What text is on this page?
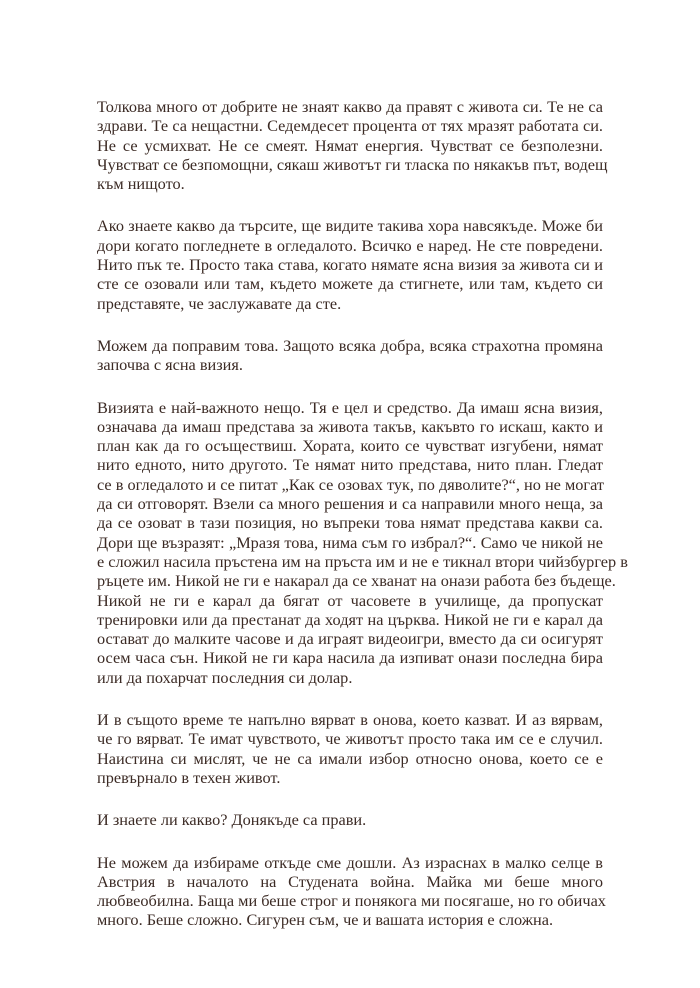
Толкова много от добрите не знаят какво да правят с живота си. Те не са
здрави. Те са нещастни. Седемдесет процента от тях мразят работата си.
Не се усмихват. Не се смеят. Нямат енергия. Чувстват се безполезни.
Чувстват се безпомощни, сякаш животът ги тласка по някакъв път, водещ
към нищото.
Ако знаете какво да търсите, ще видите такива хора навсякъде. Може би
дори когато погледнете в огледалото. Всичко е наред. Не сте повредени.
Нито пък те. Просто така става, когато нямате ясна визия за живота си и
сте се озовали или там, където можете да стигнете, или там, където си
представяте, че заслужавате да сте.
Можем да поправим това. Защото всяка добра, всяка страхотна промяна
започва с ясна визия.
Визията е най-важното нещо. Тя е цел и средство. Да имаш ясна визия,
означава да имаш представа за живота такъв, какъвто го искаш, както и
план как да го осъществиш. Хората, които се чувстват изгубени, нямат
нито едното, нито другото. Те нямат нито представа, нито план. Гледат
се в огледалото и се питат „Как се озовах тук, по дяволите?“, но не могат
да си отговорят. Взели са много решения и са направили много неща, за
да се озоват в тази позиция, но въпреки това нямат представа какви са.
Дори ще възразят: „Мразя това, нима съм го избрал?“. Само че никой не
е сложил насила пръстена им на пръста им и не е тикнал втори чийзбургер в
ръцете им. Никой не ги е накарал да се хванат на онази работа без бъдеще.
Никой не ги е карал да бягат от часовете в училище, да пропускат
тренировки или да престанат да ходят на църква. Никой не ги е карал да
остават до малките часове и да играят видеоигри, вместо да си осигурят
осем часа сън. Никой не ги кара насила да изпиват онази последна бира
или да похарчат последния си долар.
И в същото време те напълно вярват в онова, което казват. И аз вярвам,
че го вярват. Те имат чувството, че животът просто така им се е случил.
Наистина си мислят, че не са имали избор относно онова, което се е
превърнало в техен живот.
И знаете ли какво? Донякъде са прави.
Не можем да избираме откъде сме дошли. Аз израснах в малко селце в
Австрия в началото на Студената война. Майка ми беше много
любвеобилна. Баща ми беше строг и понякога ми посягаше, но го обичах
много. Беше сложно. Сигурен съм, че и вашата история е сложна.
